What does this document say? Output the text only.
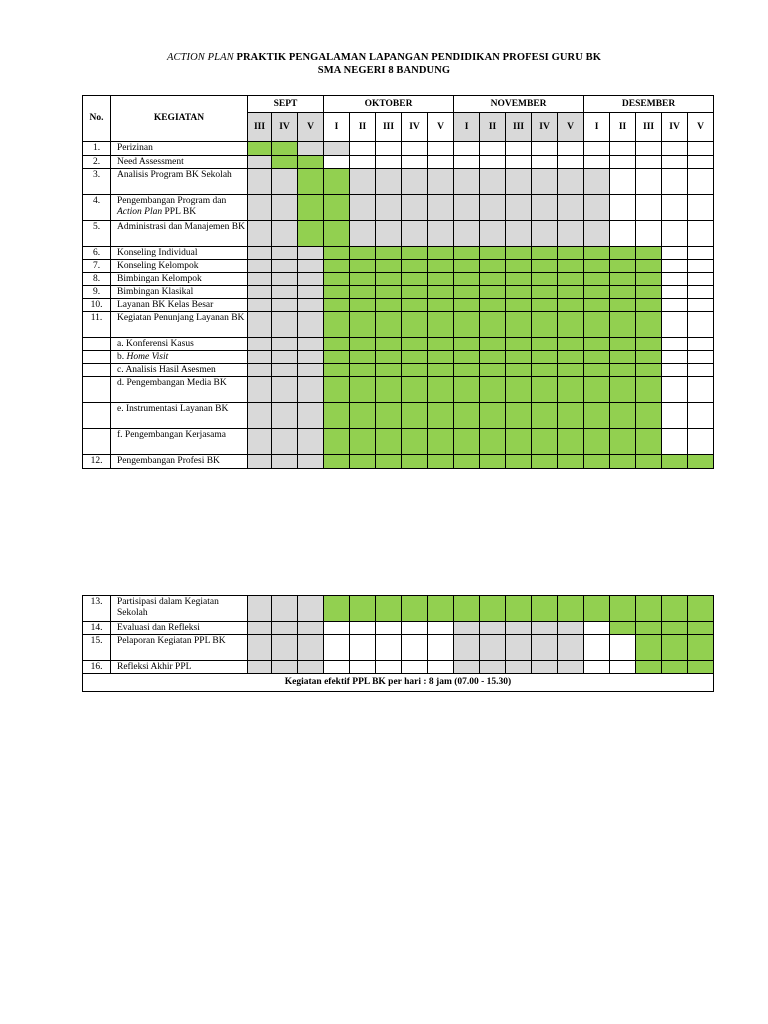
ACTION PLAN PRAKTIK PENGALAMAN LAPANGAN PENDIDIKAN PROFESI GURU BK
SMA NEGERI 8 BANDUNG
No.	KEGIATAN	SEPT			OKTOBER					NOVEMBER					DESEMBER				
		III	IV	V	I	II	III	IV	V	I	II	III	IV	V	I	II	III	IV	V
1.	Perizinan																		
2.	Need Assessment																		
3.	Analisis Program BK Sekolah																		
4.	Pengembangan Program dan Action Plan PPL BK																		
5.	Administrasi dan Manajemen BK																		
6.	Konseling Individual																		
7.	Konseling Kelompok																		
8.	Bimbingan Kelompok																		
9.	Bimbingan Klasikal																		
10.	Layanan BK Kelas Besar																		
11.	Kegiatan Penunjang Layanan BK																		
	a. Konferensi Kasus																		
	b. Home Visit																		
	c. Analisis Hasil Asesmen																		
	d. Pengembangan Media BK																		
	e. Instrumentasi Layanan BK																		
	f. Pengembangan Kerjasama																		
12.	Pengembangan Profesi BK																		
13.	Partisipasi dalam Kegiatan Sekolah																		
14.	Evaluasi dan Refleksi																		
15.	Pelaporan Kegiatan PPL BK																		
16.	Refleksi Akhir PPL																		
Kegiatan efektif PPL BK per hari : 8 jam (07.00 - 15.30)																			
